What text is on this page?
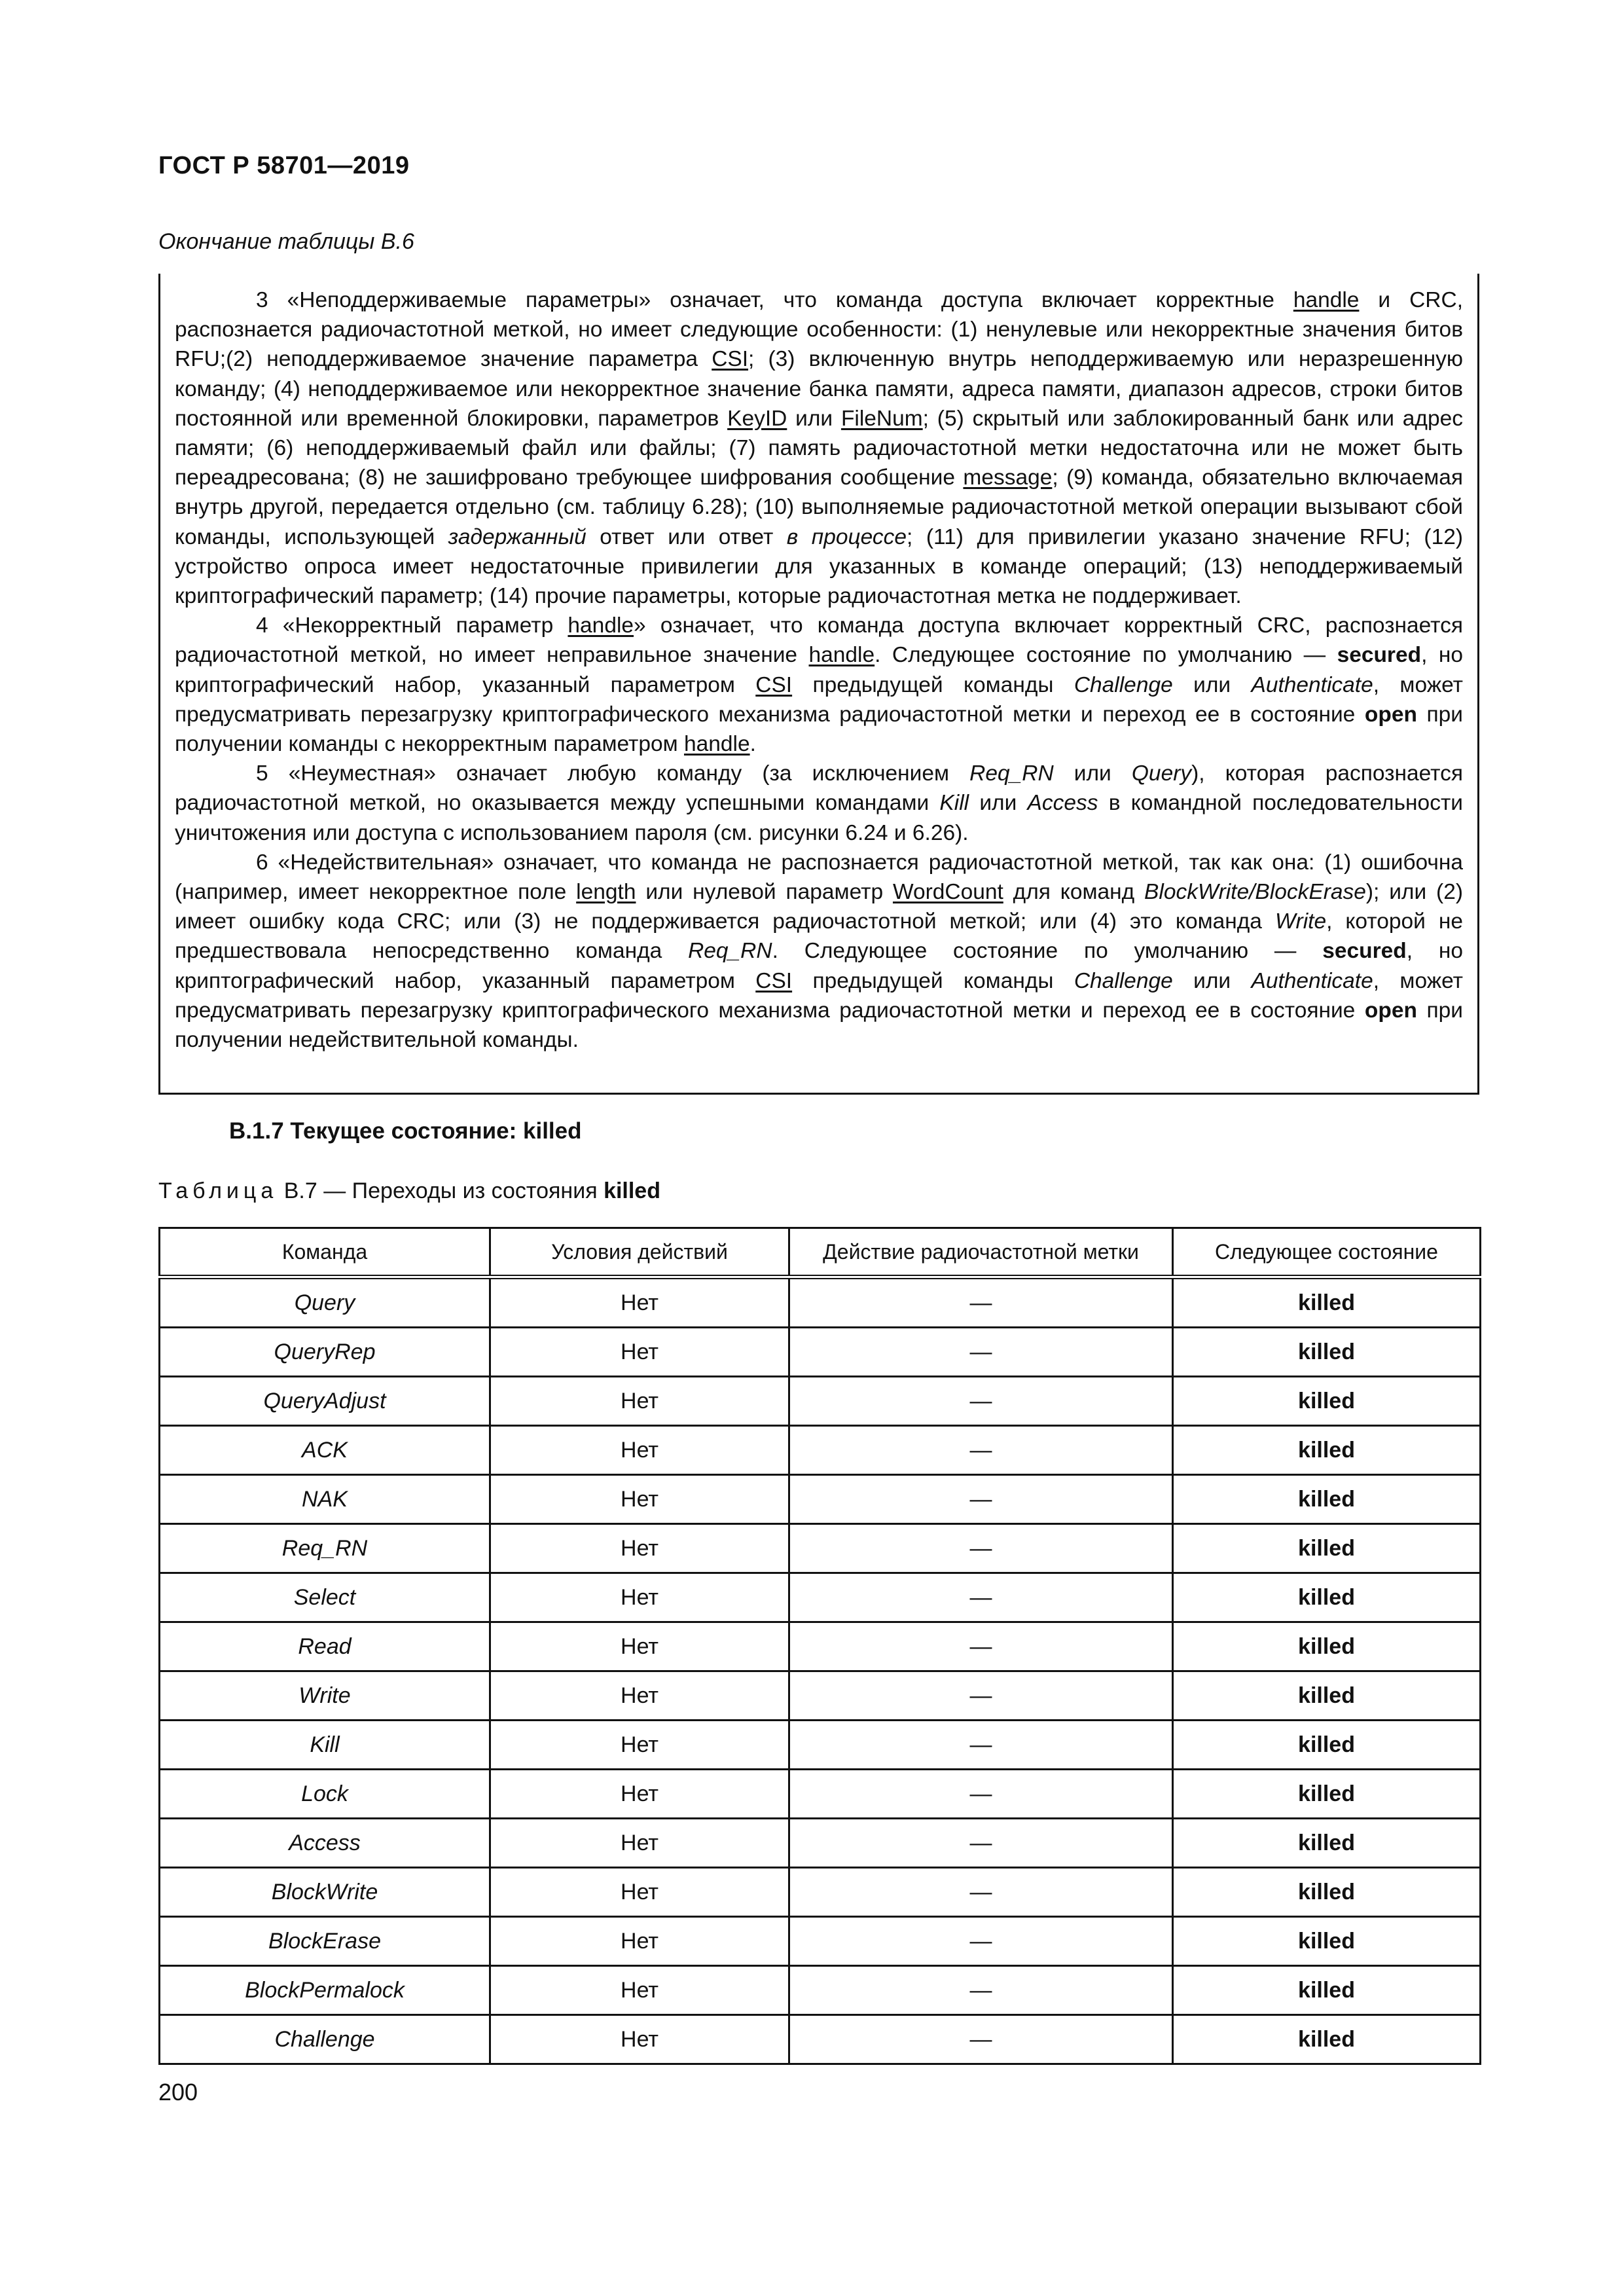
ГОСТ Р 58701—2019
Окончание таблицы В.6

3 «Неподдерживаемые параметры» означает, что команда доступа включает корректные handle и CRC, распознается радиочастотной меткой, но имеет следующие особенности: (1) ненулевые или некорректные значения битов RFU;(2) неподдерживаемое значение параметра CSI; (3) включенную внутрь неподдерживаемую или неразрешенную команду; (4) неподдерживаемое или некорректное значение банка памяти, адреса памяти, диапазон адресов, строки битов постоянной или временной блокировки, параметров KeyID или FileNum; (5) скрытый или заблокированный банк или адрес памяти; (6) неподдерживаемый файл или файлы; (7) память радиочастотной метки недостаточна или не может быть переадресована; (8) не зашифровано требующее шифрования сообщение message; (9) команда, обязательно включаемая внутрь другой, передается отдельно (см. таблицу 6.28); (10) выполняемые радиочастотной меткой операции вызывают сбой команды, использующей задержанный ответ или ответ в процессе; (11) для привилегии указано значение RFU; (12) устройство опроса имеет недостаточные привилегии для указанных в команде операций; (13) неподдерживаемый криптографический параметр; (14) прочие параметры, которые радиочастотная метка не поддерживает.

4 «Некорректный параметр handle» означает, что команда доступа включает корректный CRC, распознается радиочастотной меткой, но имеет неправильное значение handle. Следующее состояние по умолчанию — secured, но криптографический набор, указанный параметром CSI предыдущей команды Challenge или Authenticate, может предусматривать перезагрузку криптографического механизма радиочастотной метки и переход ее в состояние open при получении команды с некорректным параметром handle.

5 «Неуместная» означает любую команду (за исключением Req_RN или Query), которая распознается радиочастотной меткой, но оказывается между успешными командами Kill или Access в командной последовательности уничтожения или доступа с использованием пароля (см. рисунки 6.24 и 6.26).

6 «Недействительная» означает, что команда не распознается радиочастотной меткой, так как она: (1) ошибочна (например, имеет некорректное поле length или нулевой параметр WordCount для команд BlockWrite/BlockErase); или (2) имеет ошибку кода CRC; или (3) не поддерживается радиочастотной меткой; или (4) это команда Write, которой не предшествовала непосредственно команда Req_RN. Следующее состояние по умолчанию — secured, но криптографический набор, указанный параметром CSI предыдущей команды Challenge или Authenticate, может предусматривать перезагрузку криптографического механизма радиочастотной метки и переход ее в состояние open при получении недействительной команды.

В.1.7 Текущее состояние: killed
Таблица В.7 — Переходы из состояния killed
Команда	Условия действий	Действие радиочастотной метки	Следующее состояние
Query	Нет	—	killed
QueryRep	Нет	—	killed
QueryAdjust	Нет	—	killed
ACK	Нет	—	killed
NAK	Нет	—	killed
Req_RN	Нет	—	killed
Select	Нет	—	killed
Read	Нет	—	killed
Write	Нет	—	killed
Kill	Нет	—	killed
Lock	Нет	—	killed
Access	Нет	—	killed
BlockWrite	Нет	—	killed
BlockErase	Нет	—	killed
BlockPermalock	Нет	—	killed
Challenge	Нет	—	killed
200
